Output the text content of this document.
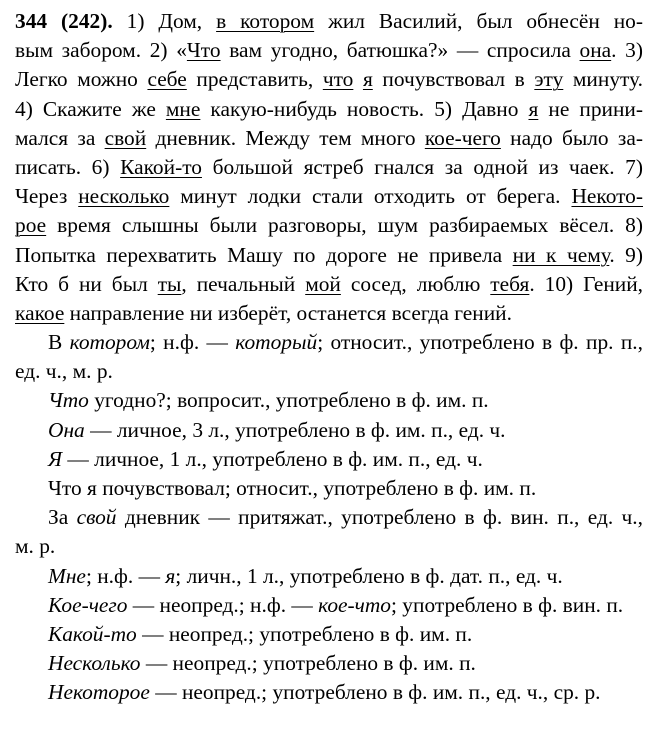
344 (242). 1) Дом, в котором жил Василий, был обнесён но-
вым забором. 2) «Что вам угодно, батюшка?» — спросила она. 3)
Легко можно себе представить, что я почувствовал в эту минуту.
4) Скажите же мне какую-нибудь новость. 5) Давно я не прини-
мался за свой дневник. Между тем много кое-чего надо было за-
писать. 6) Какой-то большой ястреб гнался за одной из чаек. 7)
Через несколько минут лодки стали отходить от берега. Некото-
рое время слышны были разговоры, шум разбираемых вёсел. 8)
Попытка перехватить Машу по дороге не привела ни к чему. 9)
Кто б ни был ты, печальный мой сосед, люблю тебя. 10) Гений,
какое направление ни изберёт, останется всегда гений.
В котором; н.ф. — который; относит., употреблено в ф. пр. п.,
ед. ч., м. р.
Что угодно?; вопросит., употреблено в ф. им. п.
Она — личное, 3 л., употреблено в ф. им. п., ед. ч.
Я — личное, 1 л., употреблено в ф. им. п., ед. ч.
Что я почувствовал; относит., употреблено в ф. им. п.
За свой дневник — притяжат., употреблено в ф. вин. п., ед. ч.,
м. р.
Мне; н.ф. — я; личн., 1 л., употреблено в ф. дат. п., ед. ч.
Кое-чего — неопред.; н.ф. — кое-что; употреблено в ф. вин. п.
Какой-то — неопред.; употреблено в ф. им. п.
Несколько — неопред.; употреблено в ф. им. п.
Некоторое — неопред.; употреблено в ф. им. п., ед. ч., ср. р.
